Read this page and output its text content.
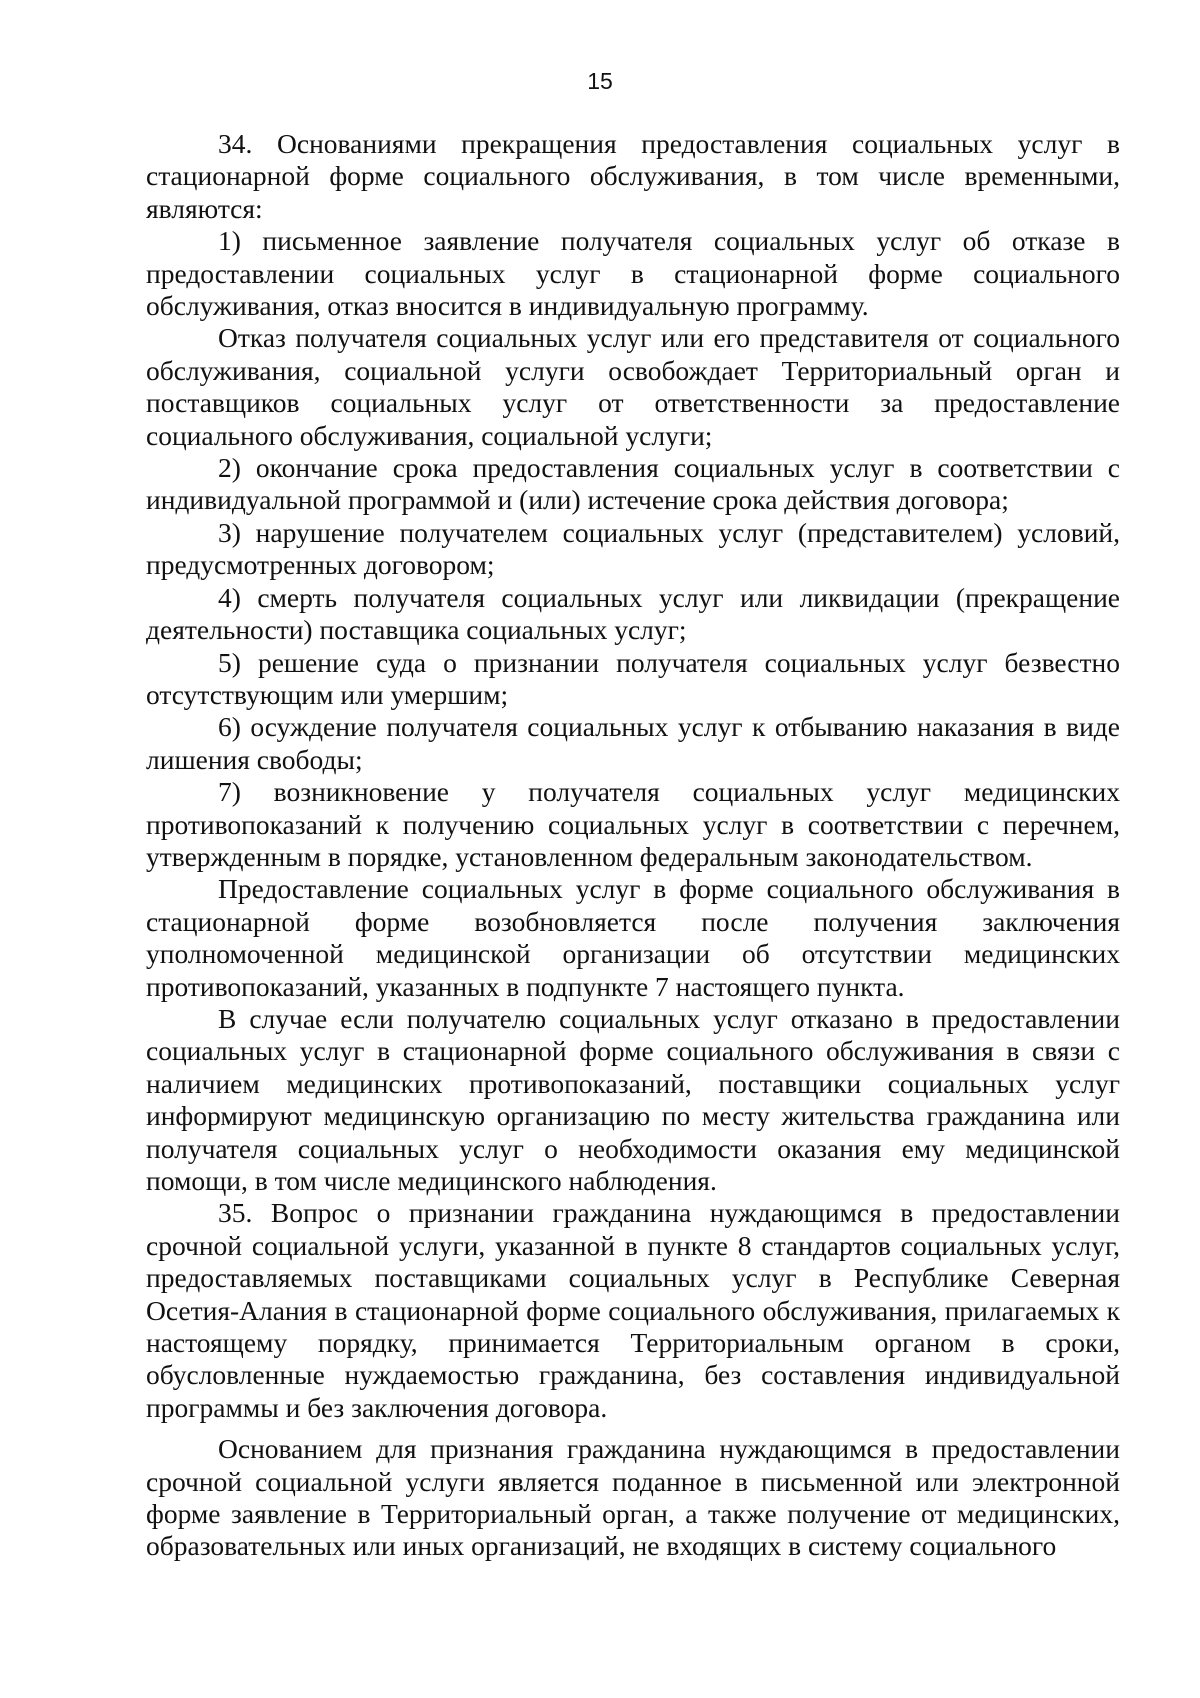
15

34. Основаниями прекращения предоставления социальных услуг в стационарной форме социального обслуживания, в том числе временными, являются:

1) письменное заявление получателя социальных услуг об отказе в предоставлении социальных услуг в стационарной форме социального обслуживания, отказ вносится в индивидуальную программу.

Отказ получателя социальных услуг или его представителя от социального обслуживания, социальной услуги освобождает Территориальный орган и поставщиков социальных услуг от ответственности за предоставление социального обслуживания, социальной услуги;

2) окончание срока предоставления социальных услуг в соответствии с индивидуальной программой и (или) истечение срока действия договора;

3) нарушение получателем социальных услуг (представителем) условий, предусмотренных договором;

4) смерть получателя социальных услуг или ликвидации (прекращение деятельности) поставщика социальных услуг;

5) решение суда о признании получателя социальных услуг безвестно отсутствующим или умершим;

6) осуждение получателя социальных услуг к отбыванию наказания в виде лишения свободы;

7) возникновение у получателя социальных услуг медицинских противопоказаний к получению социальных услуг в соответствии с перечнем, утвержденным в порядке, установленном федеральным законодательством.

Предоставление социальных услуг в форме социального обслуживания в стационарной форме возобновляется после получения заключения уполномоченной медицинской организации об отсутствии медицинских противопоказаний, указанных в подпункте 7 настоящего пункта.

В случае если получателю социальных услуг отказано в предоставлении социальных услуг в стационарной форме социального обслуживания в связи с наличием медицинских противопоказаний, поставщики социальных услуг информируют медицинскую организацию по месту жительства гражданина или получателя социальных услуг о необходимости оказания ему медицинской помощи, в том числе медицинского наблюдения.

35. Вопрос о признании гражданина нуждающимся в предоставлении срочной социальной услуги, указанной в пункте 8 стандартов социальных услуг, предоставляемых поставщиками социальных услуг в Республике Северная Осетия-Алания в стационарной форме социального обслуживания, прилагаемых к настоящему порядку, принимается Территориальным органом в сроки, обусловленные нуждаемостью гражданина, без составления индивидуальной программы и без заключения договора.

Основанием для признания гражданина нуждающимся в предоставлении срочной социальной услуги является поданное в письменной или электронной форме заявление в Территориальный орган, а также получение от медицинских, образовательных или иных организаций, не входящих в систему социального
